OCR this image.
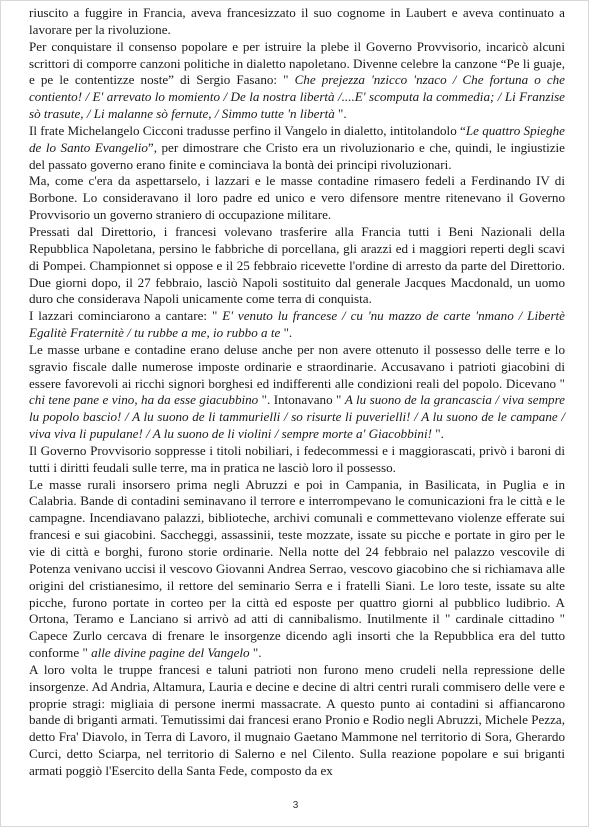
riuscito a fuggire in Francia, aveva francesizzato il suo cognome in Laubert e aveva continuato a lavorare per la rivoluzione.

Per conquistare il consenso popolare e per istruire la plebe il Governo Provvisorio, incaricò alcuni scrittori di comporre canzoni politiche in dialetto napoletano. Divenne celebre la canzone “Pe li guaje, e pe le contentizze noste” di Sergio Fasano: " Che prejezza 'nzicco 'nzaco / Che fortuna o che contiento! / E' arrevato lo momiento / De la nostra libertà /....E' scomputa la commedia; / Li Franzise sò trasute, / Li malanne sò fernute, / Simmo tutte 'n libertà ".

Il frate Michelangelo Cicconi tradusse perfino il Vangelo in dialetto, intitolandolo “Le quattro Spieghe de lo Santo Evangelio”, per dimostrare che Cristo era un rivoluzionario e che, quindi, le ingiustizie del passato governo erano finite e cominciava la bontà dei principi rivoluzionari.

Ma, come c'era da aspettarselo, i lazzari e le masse contadine rimasero fedeli a Ferdinando IV di Borbone. Lo consideravano il loro padre ed unico e vero difensore mentre ritenevano il Governo Provvisorio un governo straniero di occupazione militare.

Pressati dal Direttorio, i francesi volevano trasferire alla Francia tutti i Beni Nazionali della Repubblica Napoletana, persino le fabbriche di porcellana, gli arazzi ed i maggiori reperti degli scavi di Pompei. Championnet si oppose e il 25 febbraio ricevette l'ordine di arresto da parte del Direttorio. Due giorni dopo, il 27 febbraio, lasciò Napoli sostituito dal generale Jacques Macdonald, un uomo duro che considerava Napoli unicamente come terra di conquista.

I lazzari cominciarono a cantare: " E' venuto lu francese / cu 'nu mazzo de carte 'nmano / Libertè Egalitè Fraternitè / tu rubbe a me, io rubbo a te ".

Le masse urbane e contadine erano deluse anche per non avere ottenuto il possesso delle terre e lo sgravio fiscale dalle numerose imposte ordinarie e straordinarie. Accusavano i patrioti giacobini di essere favorevoli ai ricchi signori borghesi ed indifferenti alle condizioni reali del popolo. Dicevano " chi tene pane e vino, ha da esse giacubbino ". Intonavano " A lu suono de la grancascia / viva sempre lu popolo bascio! / A lu suono de li tammurielli / so risurte li puverielli! / A lu suono de le campane / viva viva li pupulane! / A lu suono de li violini / sempre morte a' Giacobbini! ".

Il Governo Provvisorio soppresse i titoli nobiliari, i fedecommessi e i maggiorascati, privò i baroni di tutti i diritti feudali sulle terre, ma in pratica ne lasciò loro il possesso.

Le masse rurali insorsero prima negli Abruzzi e poi in Campania, in Basilicata, in Puglia e in Calabria. Bande di contadini seminavano il terrore e interrompevano le comunicazioni fra le città e le campagne. Incendiavano palazzi, biblioteche, archivi comunali e commettevano violenze efferate sui francesi e sui giacobini. Saccheggi, assassinii, teste mozzate, issate su picche e portate in giro per le vie di città e borghi, furono storie ordinarie. Nella notte del 24 febbraio nel palazzo vescovile di Potenza venivano uccisi il vescovo Giovanni Andrea Serrao, vescovo giacobino che si richiamava alle origini del cristianesimo, il rettore del seminario Serra e i fratelli Siani. Le loro teste, issate su alte picche, furono portate in corteo per la città ed esposte per quattro giorni al pubblico ludibrio. A Ortona, Teramo e Lanciano si arrivò ad atti di cannibalismo. Inutilmente il " cardinale cittadino " Capece Zurlo cercava di frenare le insorgenze dicendo agli insorti che la Repubblica era del tutto conforme " alle divine pagine del Vangelo ".

A loro volta le truppe francesi e taluni patrioti non furono meno crudeli nella repressione delle insorgenze. Ad Andria, Altamura, Lauria e decine e decine di altri centri rurali commisero delle vere e proprie stragi: migliaia di persone inermi massacrate. A questo punto ai contadini si affiancarono bande di briganti armati. Temutissimi dai francesi erano Pronio e Rodio negli Abruzzi, Michele Pezza, detto Fra' Diavolo, in Terra di Lavoro, il mugnaio Gaetano Mammone nel territorio di Sora, Gherardo Curci, detto Sciarpa, nel territorio di Salerno e nel Cilento. Sulla reazione popolare e sui briganti armati poggiò l'Esercito della Santa Fede, composto da ex

3
